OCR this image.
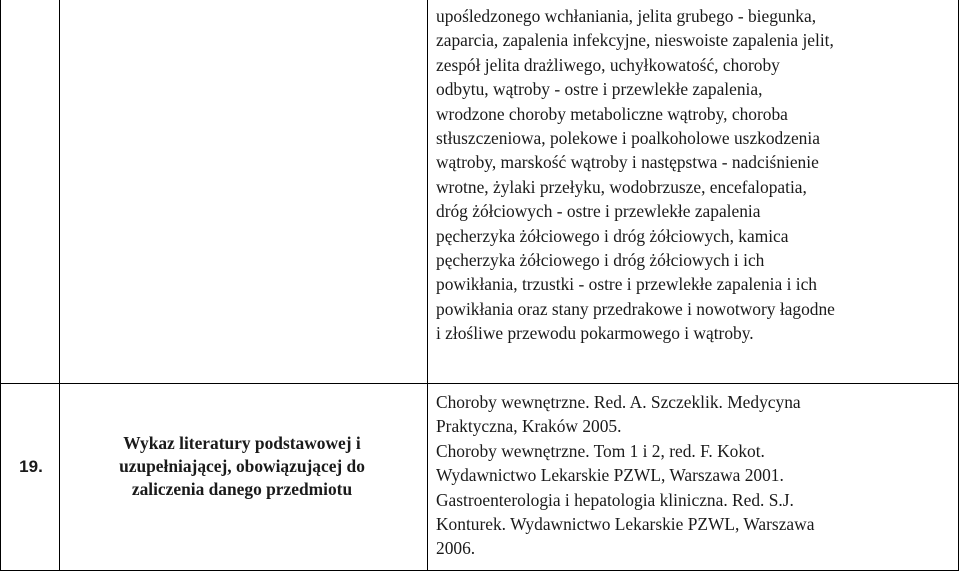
upośledzonego wchłaniania, jelita grubego - biegunka,
zaparcia, zapalenia infekcyjne, nieswoiste zapalenia jelit,
zespół jelita drażliwego, uchyłkowatość, choroby
odbytu, wątroby - ostre i przewlekłe zapalenia,
wrodzone choroby metaboliczne wątroby, choroba
stłuszczeniowa, polekowe i poalkoholowe uszkodzenia
wątroby, marskość wątroby i następstwa - nadciśnienie
wrotne, żylaki przełyku, wodobrzusze, encefalopatia,
dróg żółciowych - ostre i przewlekłe zapalenia
pęcherzyka żółciowego i dróg żółciowych, kamica
pęcherzyka żółciowego i dróg żółciowych i ich
powikłania, trzustki - ostre i przewlekłe zapalenia i ich
powikłania oraz stany przedrakowe i nowotwory łagodne
i złośliwe przewodu pokarmowego i wątroby.
19.
Wykaz literatury podstawowej i
uzupełniającej, obowiązującej do
zaliczenia danego przedmiotu
Choroby wewnętrzne. Red. A. Szczeklik. Medycyna
Praktyczna, Kraków 2005.
Choroby wewnętrzne. Tom 1 i 2, red. F. Kokot.
Wydawnictwo Lekarskie PZWL, Warszawa 2001.
Gastroenterologia i hepatologia kliniczna. Red. S.J.
Konturek. Wydawnictwo Lekarskie PZWL, Warszawa
2006.
